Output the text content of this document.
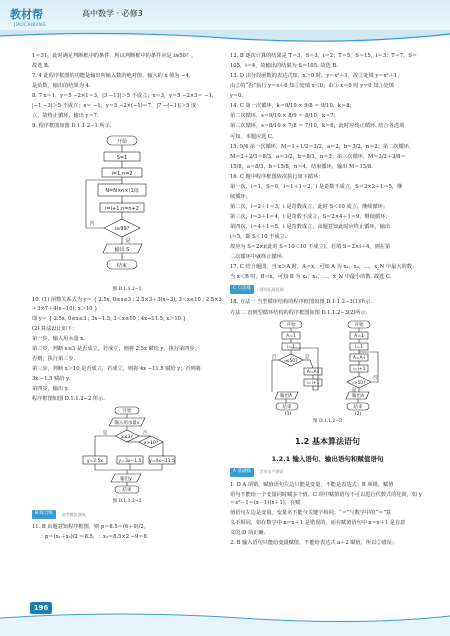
教材帮
JIAOCAIBANG
高中数学 · 必修3
1＝31，此时满足判断框中的条件，所以判断框中的条件应是 i≥50？。
故选 B.
7. 4 此程序框图的功能是输出所输入数的绝对值，输入的 x 值为 −4，
是负数，输出的结果为 4.
8. 7 x＝1，y＝5 −2×1＝3，|3 −11|＞5 不成立；x＝3，y＝5 −2×3＝ −1，
|−1 −3|＞5 不成立；x＝ −1，y＝5 −2×(−1)＝7，|7 −(−1)|＞5 成
立，故终止循环，输出 y＝7.
9. 程序框图如图 D.1.1.2−1 所示.
开始
S=1
i=1,n=2
N=N×n×(1/i)
i=i+1,n=n+2
i≥99?
是
否
输出 S
结束
图 D.1.1.2−1
10. (1) 函数关系式为 y＝ { 2.5x, 0≤x≤3 ; 2.5×3＋3(x−3), 3＜x≤10 ; 2.5×3＋3×7＋4(x−10), x＞10 }
即 y＝ { 2.5x, 0≤x≤3 ; 3x−1.5, 3＜x≤10 ; 4x−11.5, x＞10 }
(2) 算法设计如下：
第一步，输入用水量 x.
第二步，判断 x≤3 是否成立，若成立，则将 2.5x 赋给 y，执行第四步；
否则，执行第三步.
第三步，判断 x＞10 是否成立，若成立，则将 4x −11.5 赋给 y；否则将
3x −1.5 赋给 y.
第四步，输出 y.
程序框图如图 D.1.1.2−2 所示.
开始
输入用水量x
x≤3?
是	否
x>10?
y=2.5x	y=3x−1.5 y=4x−11.5
输出y
结束
图 D.1.1.2−2
B 综合练	· 高考模拟演练
11. B 由题意知程序框图，则 p＝8.5＝(6＋9)/2，
∴ p＝(x₂＋x₃)/2 ＝8.5，∴ x₃＝8.5×2 −9＝8.
12. B 逐次计算的结果是 T＝3，S＝3，i＝2；T＝5，S＝15，i＝3；T＝7，S＝
105，i＝4，故输出的结果为 S＝105. 故选 B.
13. D 由分段函数的表达式知，x＞0 时，y＝x²＋1，故②处填 y＝x²＋1；
由②的“否”执行 y＝x＋6 知①处填 x＜0；由③ x＝0 时 y＝0 知③处填
y＝0.
14. C 第一次循环，k＝9/10 × 9/8 ＝ 9/10，k＝8；
第二次循环，s＝9/10 × 8/9 ＝ 8/10，k＝7；
第三次循环，s＝8/10 × 7/8 ＝ 7/10，k＝6，此时应终止循环. 结合各选项
可知，本题应选 C.
15. 9/4 第一次循环，M＝1＋1/2＝3/2，a＝2，b＝3/2，n＝2；第二次循环，
M＝2＋2/3＝8/3，a＝3/2，b＝8/3，n＝3；第三次循环，M＝3/2＋3/8＝
15/8，a＝8/3，b＝15/8，n＝4，结束循环，输出 M＝15/8.
16. C 题中程序框图依次执行如下循环：
第一次，i＝1，S＝0，i＝1＋1＝2，i 是奇数不成立，S＝2×2＋1＝5，继
续循环；
第二次，i＝2＋1＝3，i 是奇数成立，此时 S＜10 成立，继续循环；
第三次，i＝3＋1＝4，i 是奇数不成立，S＝2×4＋1＝9，继续循环；
第四次，i＝4＋1＝5，i 是奇数成立，由题意知此时应终止循环，输出
i＝5，即 S＜10 不成立.
故应为 S＝2×i(此时 S＝10＜10 不成立)，若填 S＝2×i＋4，则在第
二次循环中就终止循环.
17. C 结合题图，当 x＞A 时，A＝x，可知 A 为 x₁，x₂，…，x_N 中最大的数；
当 x＜B 时，B＝x，可知 B 为 x₁，x₂，…，x_N 中最小的数. 故选 C.
C 自选练	· 课外拓展延伸
18. 方法一 当型循环结构的程序框图如图 D.1.1.2−3(1)所示.
方法二 直到型循环结构的程序框图如图 D.1.1.2−3(2)所示.
开始
A=1
i=1
i≤50?
A=A·i
i=i+1
输出A
结束
是
否
开始
A=1
i=1
A=A·i
i=i+1
i>50?
输出A
结束
是
否
(1)	(2)
图 D.1.1.2−3
1.2 基本算法语句
1.2.1 输入语句、输出语句和赋值语句
A 基础练	· 学业水平测试
1. D A 项错，赋值语句左边只能是变量，不能是表达式；B 项错，赋值
语句不能给一个变量同时赋多个值，C 项中赋值语句不可以进行代数式的化简，如 y＝x²－1＝(x－1)(x＋1)，在赋
值语句左边是变量。变量名不能与关键字相同；“＝”与数学中的“＝”意
义不相同，如在数学中 x＝x＋1 是错误的，而在赋值语句中 x＝x＋1 是有意
义的;D 项正确.
2. B 输入语句只能给变量赋值，不能给表达式 a＋2 赋值，所以②错误；
196
